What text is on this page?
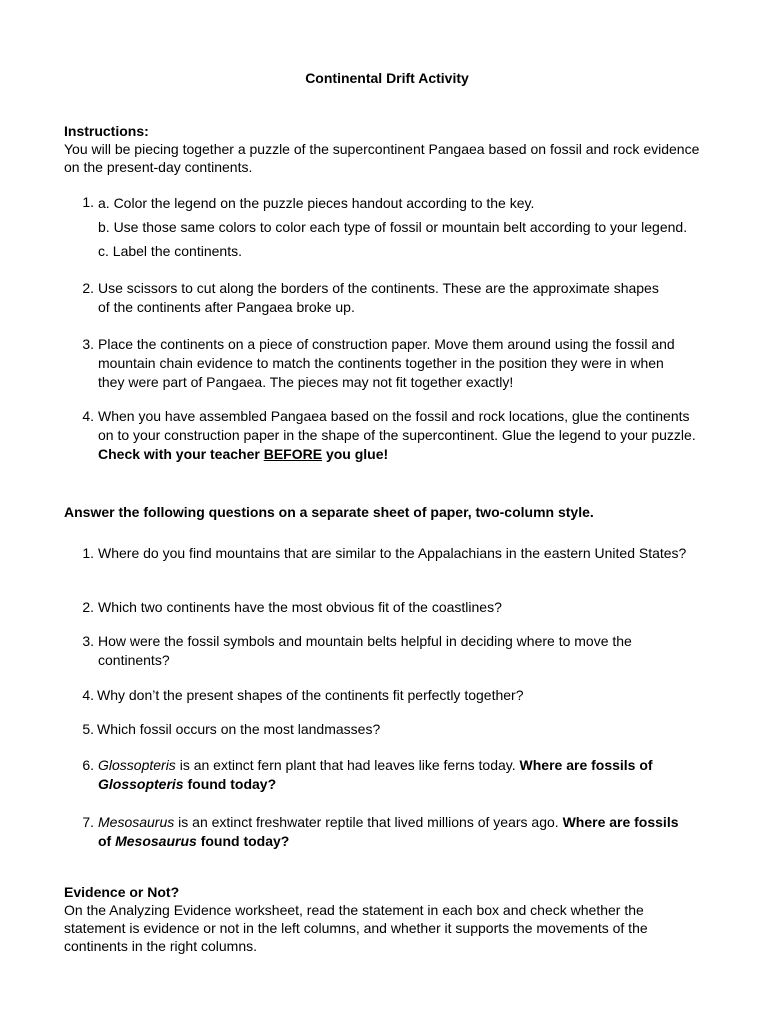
Continental Drift Activity
Instructions:
You will be piecing together a puzzle of the supercontinent Pangaea based on fossil and rock evidence on the present-day continents.
1. a. Color the legend on the puzzle pieces handout according to the key.
b. Use those same colors to color each type of fossil or mountain belt according to your legend.
c. Label the continents.
2. Use scissors to cut along the borders of the continents. These are the approximate shapes of the continents after Pangaea broke up.
3. Place the continents on a piece of construction paper. Move them around using the fossil and mountain chain evidence to match the continents together in the position they were in when they were part of Pangaea. The pieces may not fit together exactly!
4. When you have assembled Pangaea based on the fossil and rock locations, glue the continents on to your construction paper in the shape of the supercontinent. Glue the legend to your puzzle. Check with your teacher BEFORE you glue!
Answer the following questions on a separate sheet of paper, two-column style.
1. Where do you find mountains that are similar to the Appalachians in the eastern United States?
2. Which two continents have the most obvious fit of the coastlines?
3. How were the fossil symbols and mountain belts helpful in deciding where to move the continents?
4. Why don’t the present shapes of the continents fit perfectly together?
5. Which fossil occurs on the most landmasses?
6. Glossopteris is an extinct fern plant that had leaves like ferns today. Where are fossils of Glossopteris found today?
7. Mesosaurus is an extinct freshwater reptile that lived millions of years ago. Where are fossils of Mesosaurus found today?
Evidence or Not?
On the Analyzing Evidence worksheet, read the statement in each box and check whether the statement is evidence or not in the left columns, and whether it supports the movements of the continents in the right columns.
